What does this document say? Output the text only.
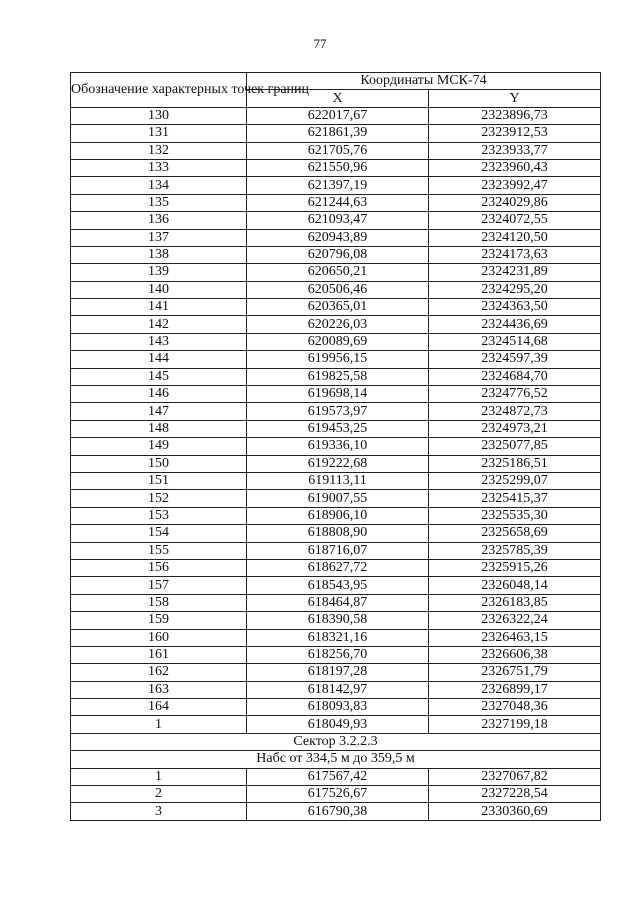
77
Обозначение характерных точек границ	Координаты МСК-74	
	X	Y
130	622017,67	2323896,73
131	621861,39	2323912,53
132	621705,76	2323933,77
133	621550,96	2323960,43
134	621397,19	2323992,47
135	621244,63	2324029,86
136	621093,47	2324072,55
137	620943,89	2324120,50
138	620796,08	2324173,63
139	620650,21	2324231,89
140	620506,46	2324295,20
141	620365,01	2324363,50
142	620226,03	2324436,69
143	620089,69	2324514,68
144	619956,15	2324597,39
145	619825,58	2324684,70
146	619698,14	2324776,52
147	619573,97	2324872,73
148	619453,25	2324973,21
149	619336,10	2325077,85
150	619222,68	2325186,51
151	619113,11	2325299,07
152	619007,55	2325415,37
153	618906,10	2325535,30
154	618808,90	2325658,69
155	618716,07	2325785,39
156	618627,72	2325915,26
157	618543,95	2326048,14
158	618464,87	2326183,85
159	618390,58	2326322,24
160	618321,16	2326463,15
161	618256,70	2326606,38
162	618197,28	2326751,79
163	618142,97	2326899,17
164	618093,83	2327048,36
1	618049,93	2327199,18
Сектор 3.2.2.3		
Набс от 334,5 м до 359,5 м		
1	617567,42	2327067,82
2	617526,67	2327228,54
3	616790,38	2330360,69
